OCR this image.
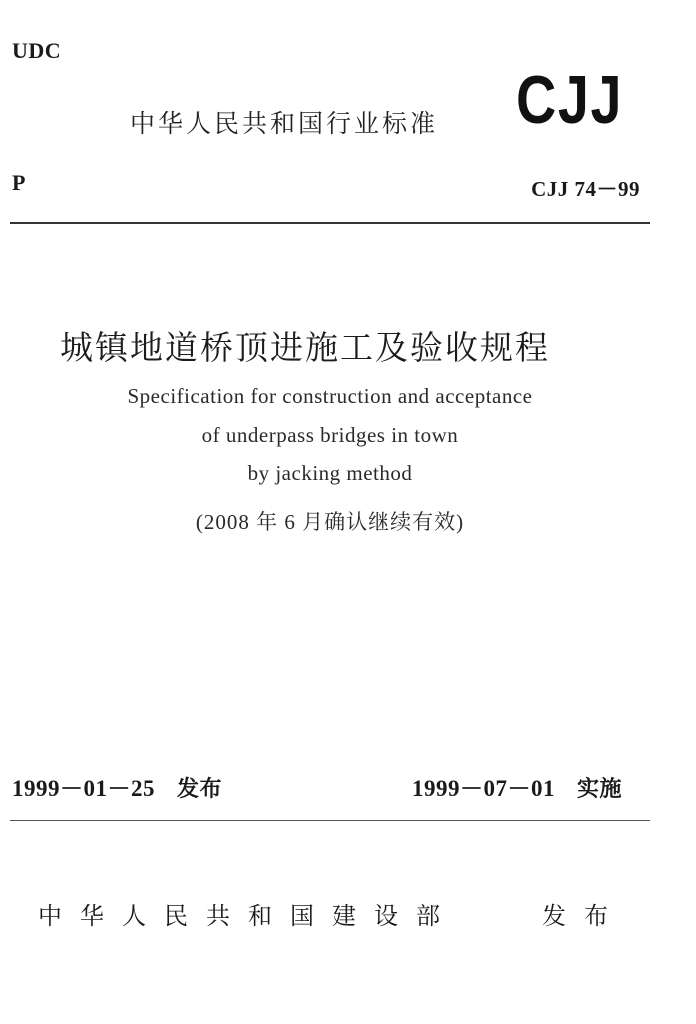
UDC
中华人民共和国行业标准 CJJ
P	CJJ 74－99
城镇地道桥顶进施工及验收规程
Specification for construction and acceptance
of underpass bridges in town
by jacking method
(2008 年 6 月确认继续有效)
1999－01－25 发布	1999－07－01 实施
中华人民共和国建设部	发布
